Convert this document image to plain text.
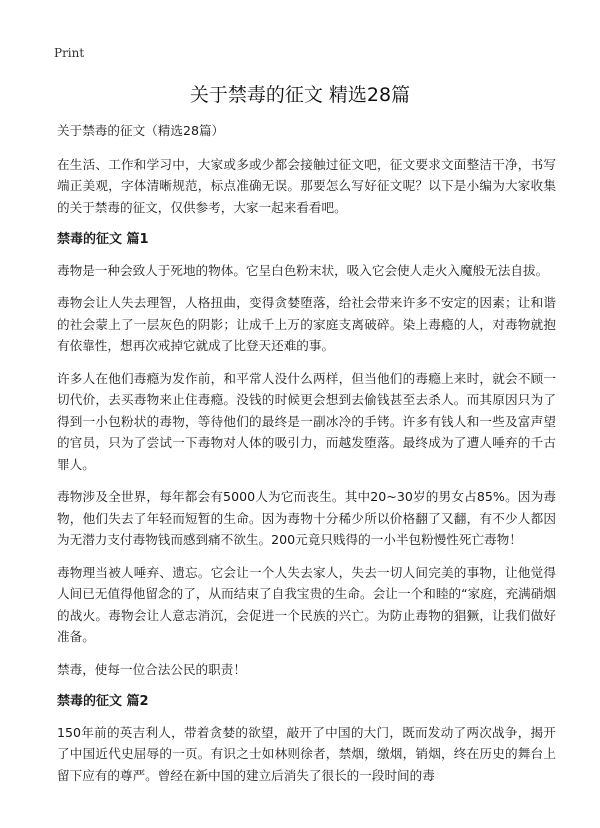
Print
关于禁毒的征文 精选28篇

关于禁毒的征文（精选28篇）

在生活、工作和学习中，大家或多或少都会接触过征文吧，征文要求文面整洁干净，书写端正美观，字体清晰规范，标点准确无误。那要怎么写好征文呢？以下是小编为大家收集的关于禁毒的征文，仅供参考，大家一起来看看吧。

禁毒的征文 篇1

毒物是一种会致人于死地的物体。它呈白色粉末状，吸入它会使人走火入魔般无法自拔。

毒物会让人失去理智，人格扭曲，变得贪婪堕落，给社会带来许多不安定的因素；让和谐的社会蒙上了一层灰色的阴影；让成千上万的家庭支离破碎。染上毒瘾的人，对毒物就抱有依靠性，想再次戒掉它就成了比登天还难的事。

许多人在他们毒瘾为发作前，和平常人没什么两样，但当他们的毒瘾上来时，就会不顾一切代价，去买毒物来止住毒瘾。没钱的时候更会想到去偷钱甚至去杀人。而其原因只为了得到一小包粉状的毒物，等待他们的最终是一副冰冷的手铐。许多有钱人和一些及富声望的官员，只为了尝试一下毒物对人体的吸引力，而越发堕落。最终成为了遭人唾弃的千古罪人。

毒物涉及全世界，每年都会有5000人为它而丧生。其中20~30岁的男女占85%。因为毒物，他们失去了年轻而短暂的生命。因为毒物十分稀少所以价格翻了又翻，有不少人都因为无潜力支付毒物钱而感到痛不欲生。200元竟只贱得的一小半包粉慢性死亡毒物！

毒物理当被人唾弃、遗忘。它会让一个人失去家人，失去一切人间完美的事物，让他觉得人间已无值得他留念的了，从而结束了自我宝贵的生命。会让一个和睦的“家庭，充满硝烟的战火。毒物会让人意志消沉，会促进一个民族的兴亡。为防止毒物的猖獗，让我们做好准备。

禁毒，使每一位合法公民的职责！

禁毒的征文 篇2

150年前的英吉利人，带着贪婪的欲望，敲开了中国的大门，既而发动了两次战争，揭开了中国近代史屈辱的一页。有识之士如林则徐者，禁烟，缴烟，销烟，终在历史的舞台上留下应有的尊严。曾经在新中国的建立后消失了很长的一段时间的毒
